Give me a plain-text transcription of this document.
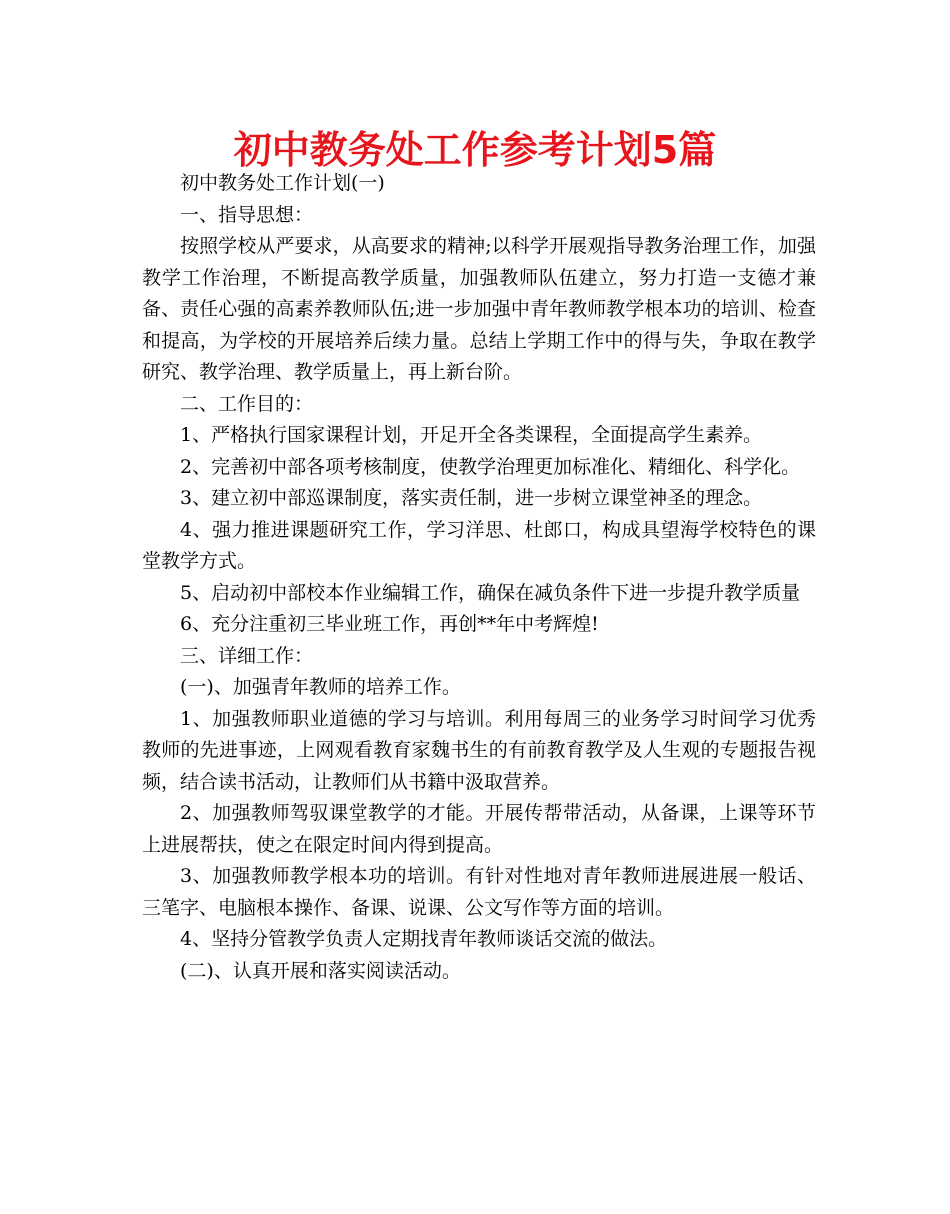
初中教务处工作参考计划5篇

初中教务处工作计划(一)

一、指导思想：

按照学校从严要求，从高要求的精神;以科学开展观指导教务治理工作，加强教学工作治理，不断提高教学质量，加强教师队伍建立，努力打造一支德才兼备、责任心强的高素养教师队伍;进一步加强中青年教师教学根本功的培训、检查和提高，为学校的开展培养后续力量。总结上学期工作中的得与失，争取在教学研究、教学治理、教学质量上，再上新台阶。

二、工作目的：

1、严格执行国家课程计划，开足开全各类课程，全面提高学生素养。

2、完善初中部各项考核制度，使教学治理更加标准化、精细化、科学化。

3、建立初中部巡课制度，落实责任制，进一步树立课堂神圣的理念。

4、强力推进课题研究工作，学习洋思、杜郎口，构成具望海学校特色的课堂教学方式。

5、启动初中部校本作业编辑工作，确保在减负条件下进一步提升教学质量

6、充分注重初三毕业班工作，再创**年中考辉煌!

三、详细工作：

(一)、加强青年教师的培养工作。

1、加强教师职业道德的学习与培训。利用每周三的业务学习时间学习优秀教师的先进事迹，上网观看教育家魏书生的有前教育教学及人生观的专题报告视频，结合读书活动，让教师们从书籍中汲取营养。

2、加强教师驾驭课堂教学的才能。开展传帮带活动，从备课，上课等环节上进展帮扶，使之在限定时间内得到提高。

3、加强教师教学根本功的培训。有针对性地对青年教师进展进展一般话、三笔字、电脑根本操作、备课、说课、公文写作等方面的培训。

4、坚持分管教学负责人定期找青年教师谈话交流的做法。

(二)、认真开展和落实阅读活动。
